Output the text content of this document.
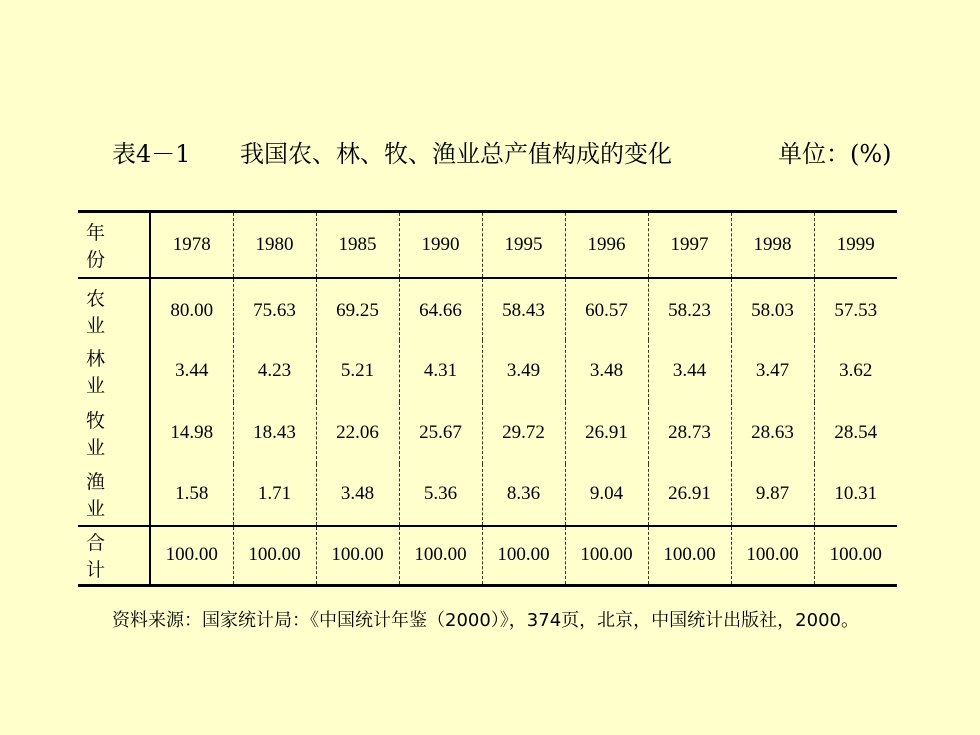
表4－1 我国农、林、牧、渔业总产值构成的变化	单位：(%)
年 份	1978	1980	1985	1990	1995	1996	1997	1998	1999
农 业	80.00	75.63	69.25	64.66	58.43	60.57	58.23	58.03	57.53
林 业	3.44	4.23	5.21	4.31	3.49	3.48	3.44	3.47	3.62
牧 业	14.98	18.43	22.06	25.67	29.72	26.91	28.73	28.63	28.54
渔 业	1.58	1.71	3.48	5.36	8.36	9.04	26.91	9.87	10.31
合 计	100.00	100.00	100.00	100.00	100.00	100.00	100.00	100.00	100.00
资料来源：国家统计局：《中国统计年鉴（2000）》，374页，北京，中国统计出版社，2000。
